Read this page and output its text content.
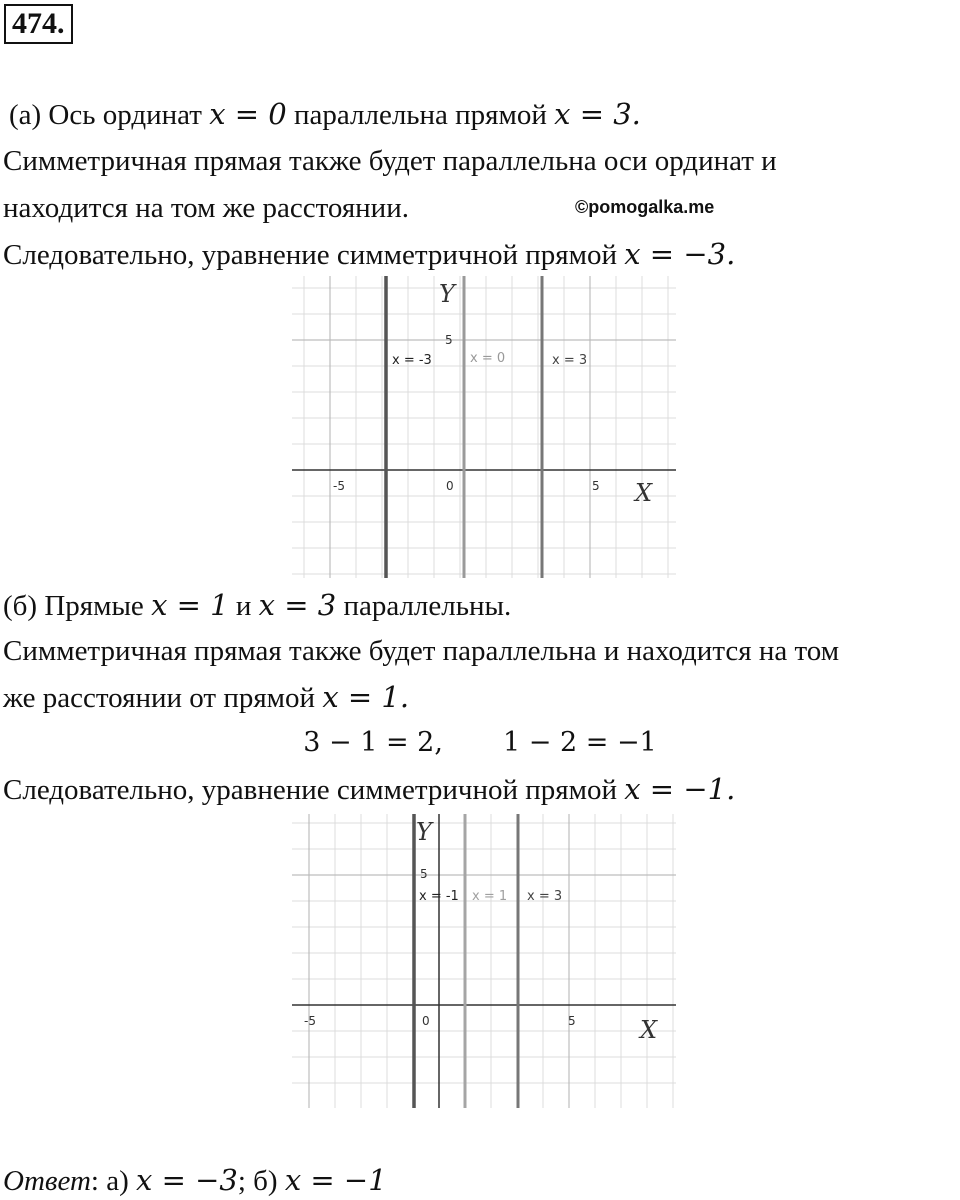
474.
(а) Ось ординат x = 0 параллельна прямой x = 3.
Симметричная прямая также будет параллельна оси ординат и
находится на том же расстоянии.	©pomogalka.me
Следовательно, уравнение симметричной прямой x = −3.
Y
X
-5	0	5
5
x = -3	x = 0	x = 3
(б) Прямые x = 1 и x = 3 параллельны.
Симметричная прямая также будет параллельна и находится на том
же расстоянии от прямой x = 1.
3 − 1 = 2,       1 − 2 = −1
Следовательно, уравнение симметричной прямой x = −1.
Y
X
-5	0	5
5
x = -1 x = 1 x = 3
Ответ: а) x = −3; б) x = −1
